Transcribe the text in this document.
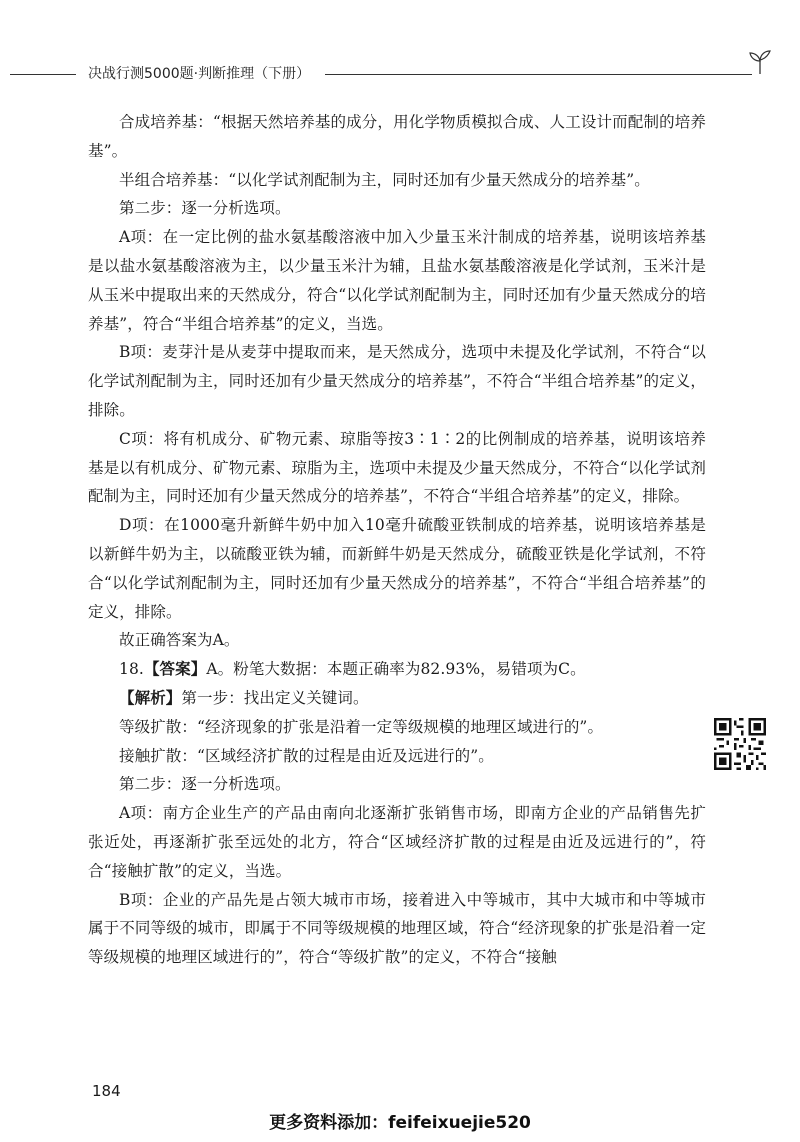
决战行测5000题·判断推理（下册）

合成培养基：“根据天然培养基的成分，用化学物质模拟合成、人工设计而配制的培养基”。

半组合培养基：“以化学试剂配制为主，同时还加有少量天然成分的培养基”。

第二步：逐一分析选项。

A项：在一定比例的盐水氨基酸溶液中加入少量玉米汁制成的培养基，说明该培养基是以盐水氨基酸溶液为主，以少量玉米汁为辅，且盐水氨基酸溶液是化学试剂，玉米汁是从玉米中提取出来的天然成分，符合“以化学试剂配制为主，同时还加有少量天然成分的培养基”，符合“半组合培养基”的定义，当选。

B项：麦芽汁是从麦芽中提取而来，是天然成分，选项中未提及化学试剂，不符合“以化学试剂配制为主，同时还加有少量天然成分的培养基”，不符合“半组合培养基”的定义，排除。

C项：将有机成分、矿物元素、琼脂等按3∶1∶2的比例制成的培养基，说明该培养基是以有机成分、矿物元素、琼脂为主，选项中未提及少量天然成分，不符合“以化学试剂配制为主，同时还加有少量天然成分的培养基”，不符合“半组合培养基”的定义，排除。

D项：在1000毫升新鲜牛奶中加入10毫升硫酸亚铁制成的培养基，说明该培养基是以新鲜牛奶为主，以硫酸亚铁为辅，而新鲜牛奶是天然成分，硫酸亚铁是化学试剂，不符合“以化学试剂配制为主，同时还加有少量天然成分的培养基”，不符合“半组合培养基”的定义，排除。

故正确答案为A。

18.【答案】A。粉笔大数据：本题正确率为82.93%，易错项为C。

【解析】第一步：找出定义关键词。

等级扩散：“经济现象的扩张是沿着一定等级规模的地理区域进行的”。

接触扩散：“区域经济扩散的过程是由近及远进行的”。

第二步：逐一分析选项。

A项：南方企业生产的产品由南向北逐渐扩张销售市场，即南方企业的产品销售先扩张近处，再逐渐扩张至远处的北方，符合“区域经济扩散的过程是由近及远进行的”，符合“接触扩散”的定义，当选。

B项：企业的产品先是占领大城市市场，接着进入中等城市，其中大城市和中等城市属于不同等级的城市，即属于不同等级规模的地理区域，符合“经济现象的扩张是沿着一定等级规模的地理区域进行的”，符合“等级扩散”的定义，不符合“接触

184
更多资料添加：feifeixuejie520
